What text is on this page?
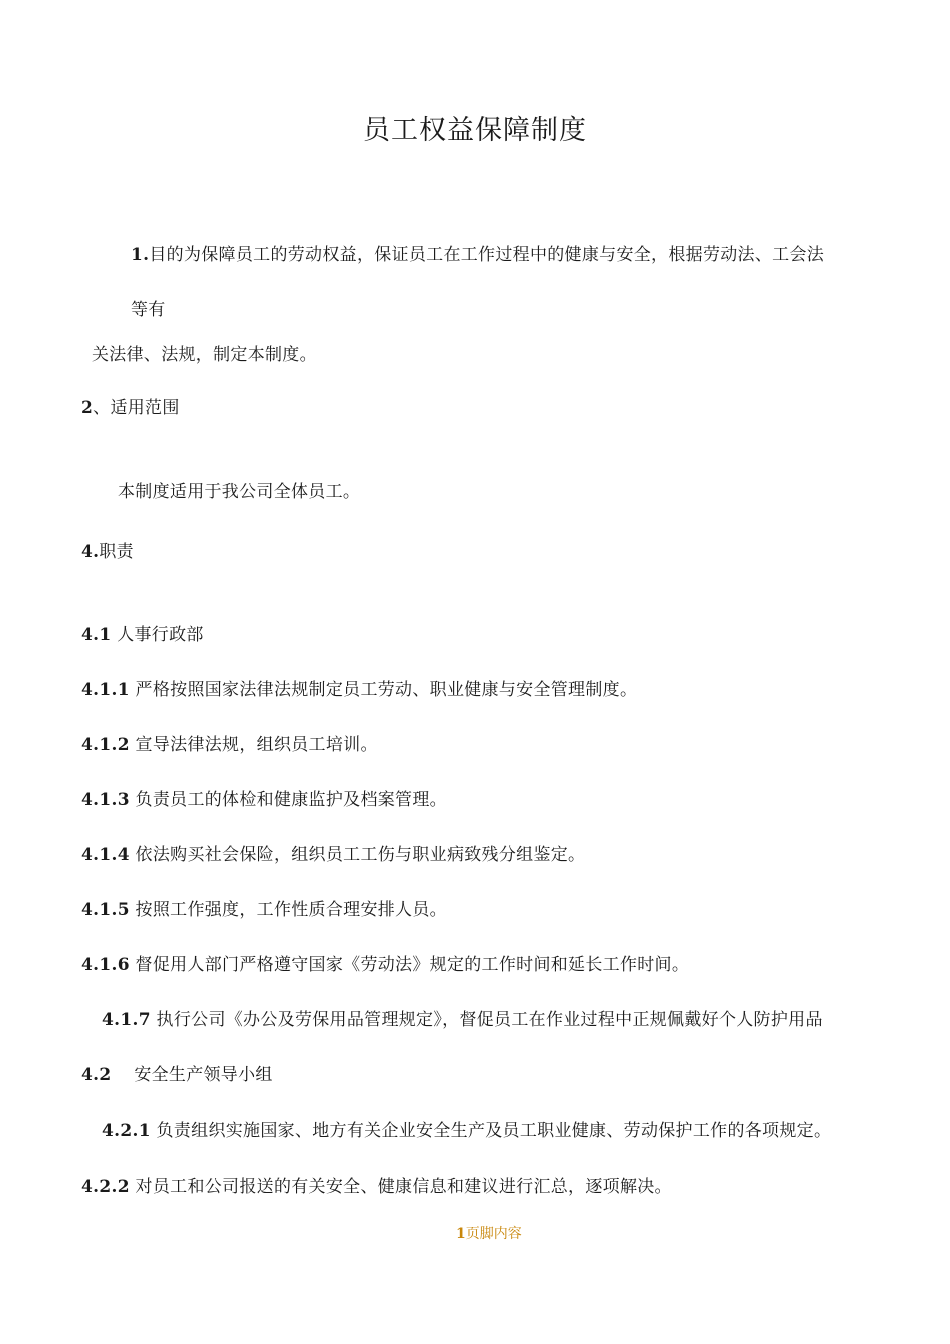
员工权益保障制度
1.目的为保障员工的劳动权益，保证员工在工作过程中的健康与安全，根据劳动法、工会法
等有
关法律、法规，制定本制度。
2、适用范围
本制度适用于我公司全体员工。
4.职责
4.1 人事行政部
4.1.1 严格按照国家法律法规制定员工劳动、职业健康与安全管理制度。
4.1.2 宣导法律法规，组织员工培训。
4.1.3 负责员工的体检和健康监护及档案管理。
4.1.4 依法购买社会保险，组织员工工伤与职业病致残分组鉴定。
4.1.5 按照工作强度，工作性质合理安排人员。
4.1.6 督促用人部门严格遵守国家《劳动法》规定的工作时间和延长工作时间。
4.1.7 执行公司《办公及劳保用品管理规定》，督促员工在作业过程中正规佩戴好个人防护用品
4.2 安全生产领导小组
4.2.1 负责组织实施国家、地方有关企业安全生产及员工职业健康、劳动保护工作的各项规定。
4.2.2 对员工和公司报送的有关安全、健康信息和建议进行汇总，逐项解决。
1页脚内容
